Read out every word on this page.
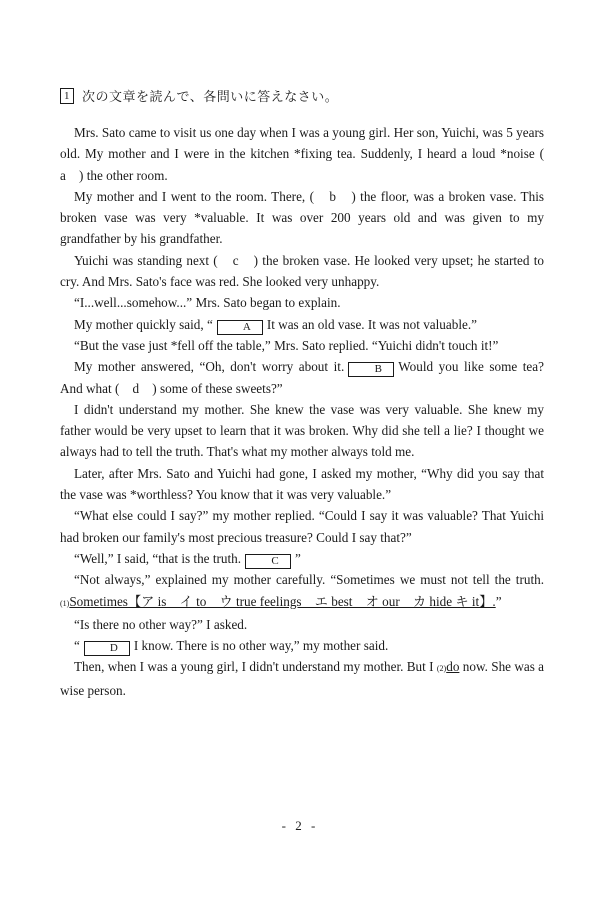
1 次の文章を読んで、各問いに答えなさい。

Mrs. Sato came to visit us one day when I was a young girl. Her son, Yuichi, was 5 years old. My mother and I were in the kitchen *fixing tea. Suddenly, I heard a loud *noise (　a　) the other room.

My mother and I went to the room. There, (　b　) the floor, was a broken vase. This broken vase was very *valuable. It was over 200 years old and was given to my grandfather by his grandfather.

Yuichi was standing next (　c　) the broken vase. He looked very upset; he started to cry. And Mrs. Sato's face was red. She looked very unhappy.

“I...well...somehow...” Mrs. Sato began to explain.

My mother quickly said, “	A It was an old vase. It was not valuable.”

“But the vase just *fell off the table,” Mrs. Sato replied. “Yuichi didn't touch it!”

My mother answered, “Oh, don't worry about it.	B Would you like some tea? And what (　d　) some of these sweets?”

I didn't understand my mother. She knew the vase was very valuable. She knew my father would be very upset to learn that it was broken. Why did she tell a lie? I thought we always had to tell the truth. That's what my mother always told me.

Later, after Mrs. Sato and Yuichi had gone, I asked my mother, “Why did you say that the vase was *worthless? You know that it was very valuable.”

“What else could I say?” my mother replied. “Could I say it was valuable? That Yuichi had broken our family's most precious treasure? Could I say that?”

“Well,” I said, “that is the truth.	C ”

“Not always,” explained my mother carefully. “Sometimes we must not tell the truth. (1)Sometimes【ア is　イ to　ウ true feelings　エ best　オ our　カ hide キ it】.”

“Is there no other way?” I asked.

“	D I know. There is no other way,” my mother said.

Then, when I was a young girl, I didn't understand my mother. But I (2)do now. She was a wise person.

- 2 -
